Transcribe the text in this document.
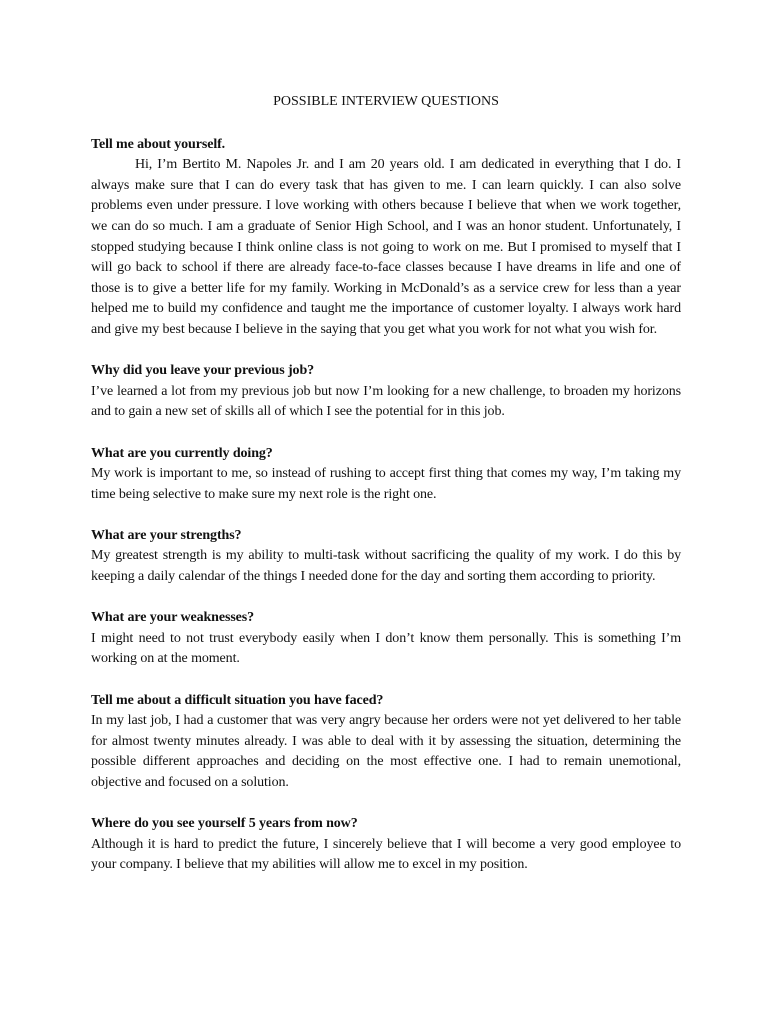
POSSIBLE INTERVIEW QUESTIONS

Tell me about yourself.

Hi, I’m Bertito M. Napoles Jr. and I am 20 years old. I am dedicated in everything that I do. I always make sure that I can do every task that has given to me. I can learn quickly. I can also solve problems even under pressure. I love working with others because I believe that when we work together, we can do so much. I am a graduate of Senior High School, and I was an honor student. Unfortunately, I stopped studying because I think online class is not going to work on me. But I promised to myself that I will go back to school if there are already face-to-face classes because I have dreams in life and one of those is to give a better life for my family. Working in McDonald’s as a service crew for less than a year helped me to build my confidence and taught me the importance of customer loyalty. I always work hard and give my best because I believe in the saying that you get what you work for not what you wish for.

Why did you leave your previous job?

I’ve learned a lot from my previous job but now I’m looking for a new challenge, to broaden my horizons and to gain a new set of skills all of which I see the potential for in this job.

What are you currently doing?

My work is important to me, so instead of rushing to accept first thing that comes my way, I’m taking my time being selective to make sure my next role is the right one.

What are your strengths?

My greatest strength is my ability to multi-task without sacrificing the quality of my work. I do this by keeping a daily calendar of the things I needed done for the day and sorting them according to priority.

What are your weaknesses?

I might need to not trust everybody easily when I don’t know them personally. This is something I’m working on at the moment.

Tell me about a difficult situation you have faced?

In my last job, I had a customer that was very angry because her orders were not yet delivered to her table for almost twenty minutes already. I was able to deal with it by assessing the situation, determining the possible different approaches and deciding on the most effective one. I had to remain unemotional, objective and focused on a solution.

Where do you see yourself 5 years from now?

Although it is hard to predict the future, I sincerely believe that I will become a very good employee to your company. I believe that my abilities will allow me to excel in my position.
